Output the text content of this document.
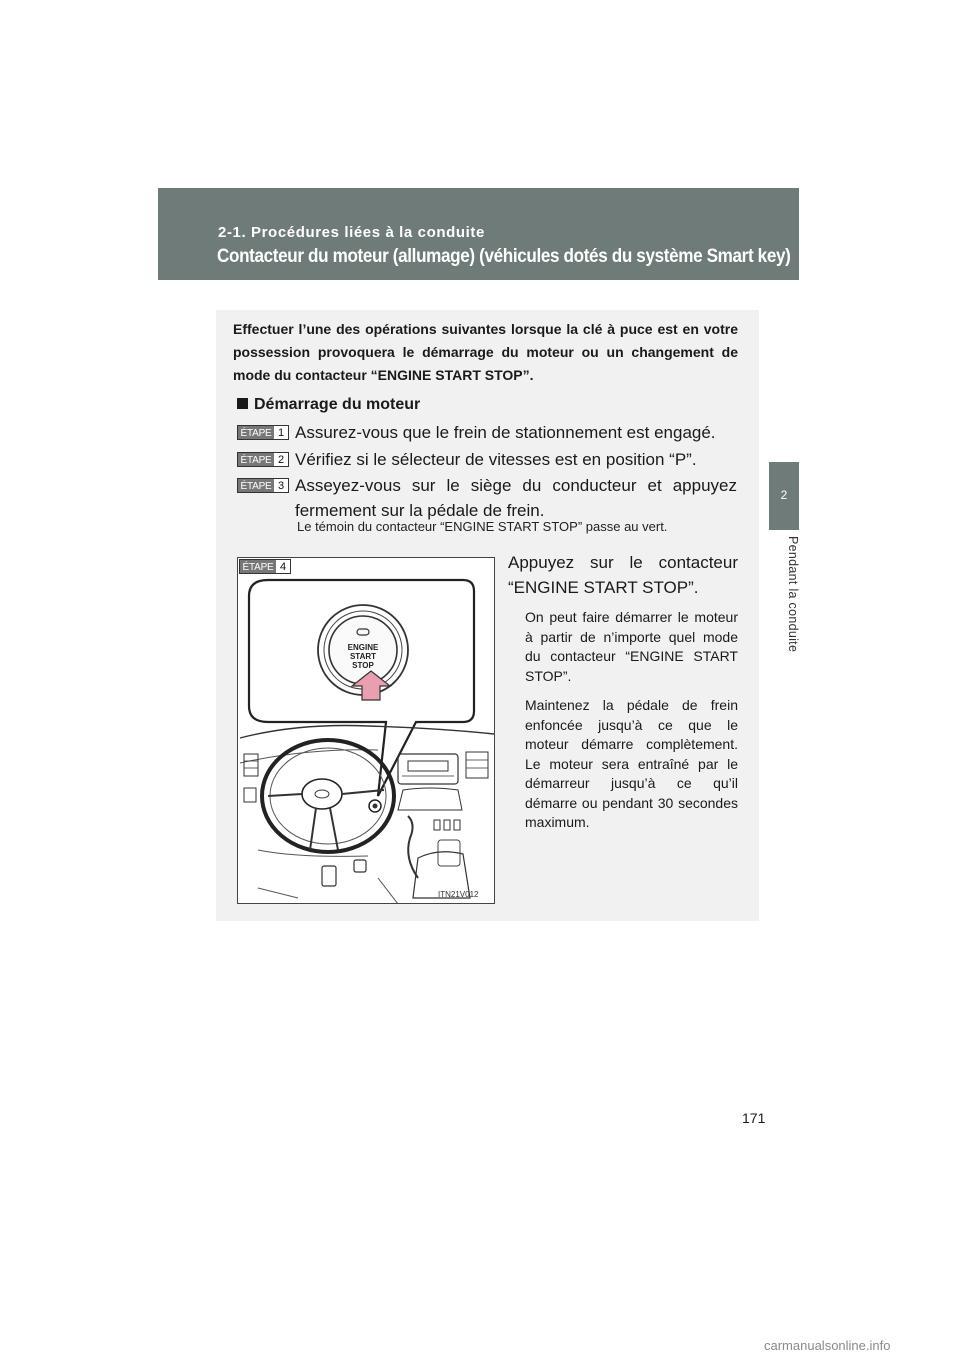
2-1. Procédures liées à la conduite
Contacteur du moteur (allumage) (véhicules dotés du système Smart key)
2
Pendant la conduite
Effectuer l’une des opérations suivantes lorsque la clé à puce est en votre possession provoquera le démarrage du moteur ou un changement de mode du contacteur “ENGINE START STOP”.
Démarrage du moteur
ÉTAPE 1 Assurez-vous que le frein de stationnement est engagé.
ÉTAPE 2 Vérifiez si le sélecteur de vitesses est en position “P”.
ÉTAPE 3 Asseyez-vous sur le siège du conducteur et appuyez fermement sur la pédale de frein.
Le témoin du contacteur “ENGINE START STOP” passe au vert.
ENGINE
START
STOP
ÉTAPE 4
ITN21V012
Appuyez sur le contacteur “ENGINE START STOP”.
On peut faire démarrer le moteur à partir de n’importe quel mode du contacteur “ENGINE START STOP”.
Maintenez la pédale de frein enfoncée jusqu’à ce que le moteur démarre complètement. Le moteur sera entraîné par le démarreur jusqu’à ce qu’il démarre ou pendant 30 secondes maximum.
171
carmanualsonline.info
